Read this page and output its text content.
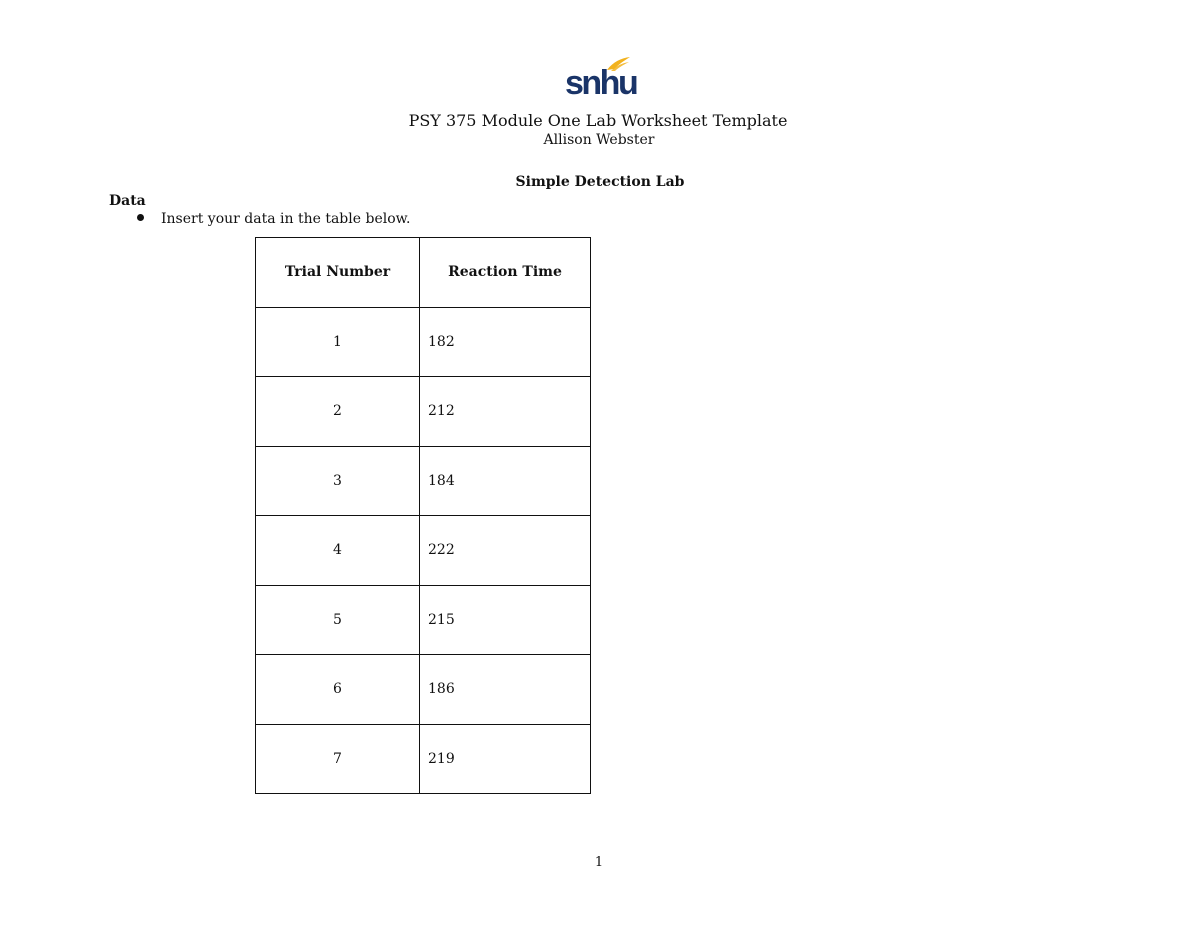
snhu
PSY 375 Module One Lab Worksheet Template
Allison Webster
Simple Detection Lab
Data
Insert your data in the table below.
Trial Number	Reaction Time
1	182
2	212
3	184
4	222
5	215
6	186
7	219
1
